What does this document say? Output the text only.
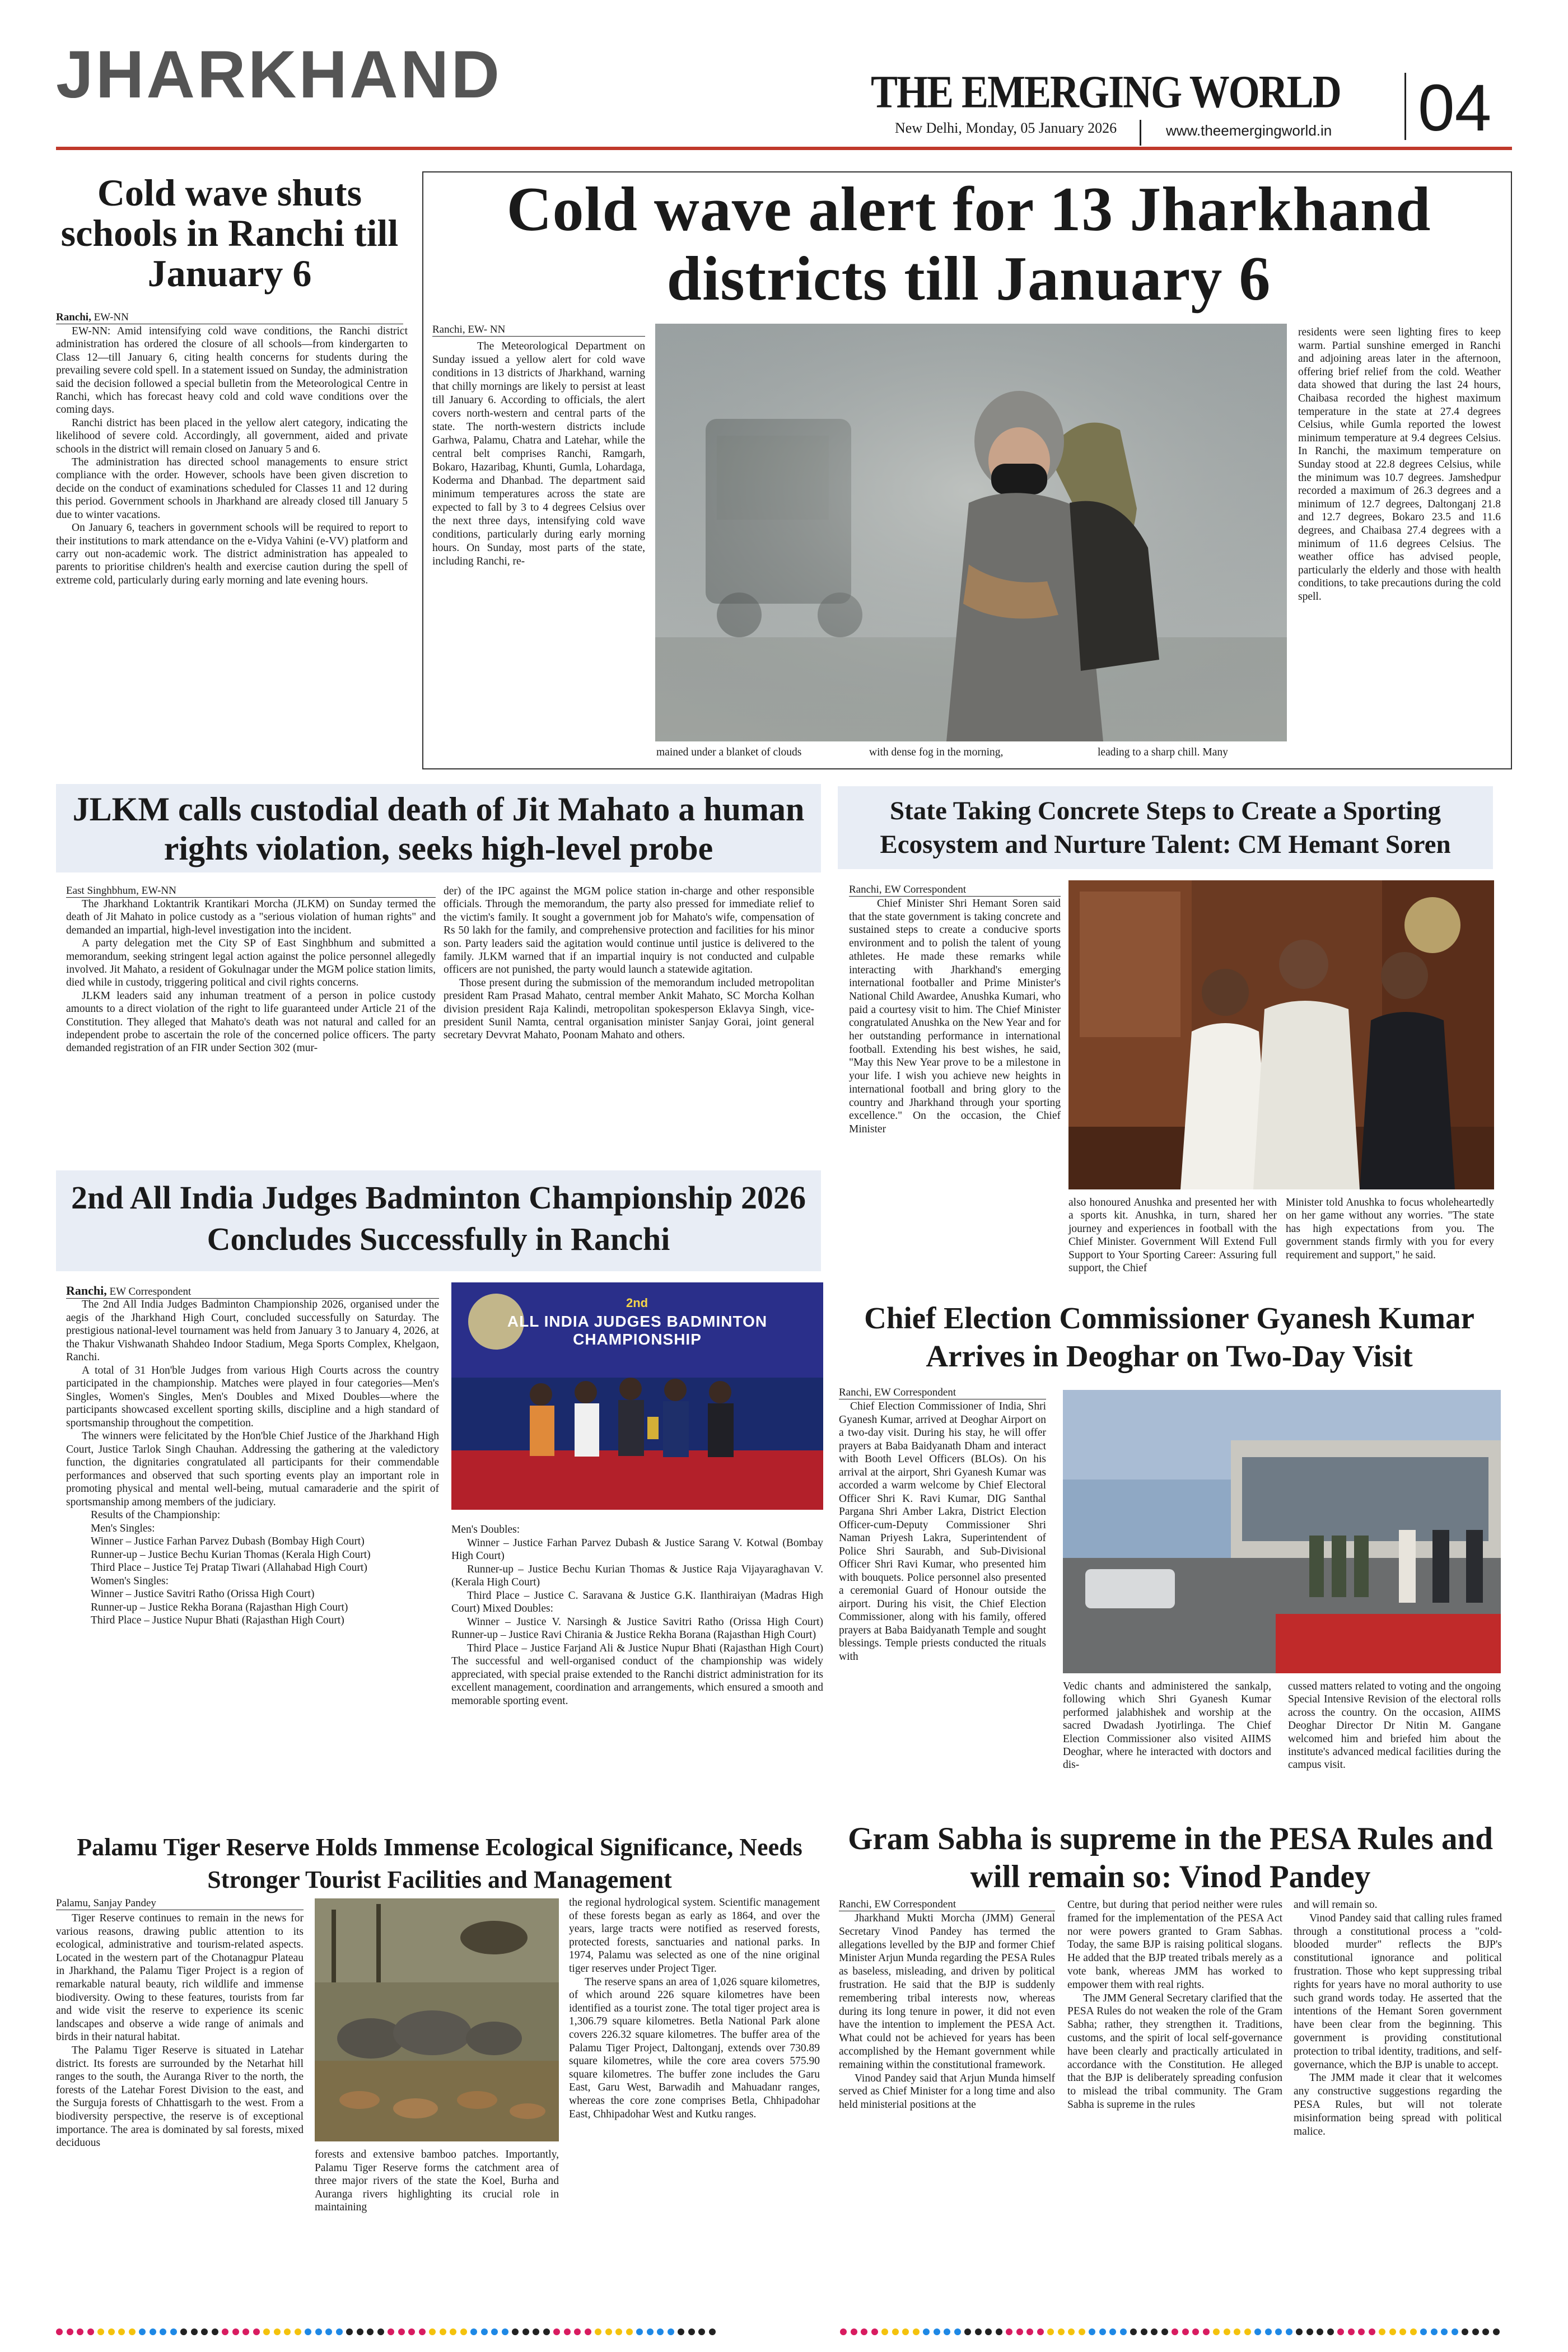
JHARKHAND	THE EMERGING WORLD
New Delhi, Monday, 05 January 2026	www.theemergingworld.in 04
Cold wave shuts schools in Ranchi till January 6
Ranchi, EW-NN

EW-NN: Amid intensifying cold wave conditions, the Ranchi district administration has ordered the closure of all schools—from kindergarten to Class 12—till January 6, citing health concerns for students during the prevailing severe cold spell. In a statement issued on Sunday, the administration said the decision followed a special bulletin from the Meteorological Centre in Ranchi, which has forecast heavy cold and cold wave conditions over the coming days.

Ranchi district has been placed in the yellow alert category, indicating the likelihood of severe cold. Accordingly, all government, aided and private schools in the district will remain closed on January 5 and 6.

The administration has directed school managements to ensure strict compliance with the order. However, schools have been given discretion to decide on the conduct of examinations scheduled for Classes 11 and 12 during this period. Government schools in Jharkhand are already closed till January 5 due to winter vacations.

On January 6, teachers in government schools will be required to report to their institutions to mark attendance on the e-Vidya Vahini (e-VV) platform and carry out non-academic work. The district administration has appealed to parents to prioritise children's health and exercise caution during the spell of extreme cold, particularly during early morning and late evening hours.

Cold wave alert for 13 Jharkhand districts till January 6
Ranchi, EW- NN
The Meteorological Department on Sunday issued a yellow alert for cold wave conditions in 13 districts of Jharkhand, warning that chilly mornings are likely to persist at least till January 6. According to officials, the alert covers north-western and central parts of the state. The north-western districts include Garhwa, Palamu, Chatra and Latehar, while the central belt comprises Ranchi, Ramgarh, Bokaro, Hazaribag, Khunti, Gumla, Lohardaga, Koderma and Dhanbad. The department said minimum temperatures across the state are expected to fall by 3 to 4 degrees Celsius over the next three days, intensifying cold wave conditions, particularly during early morning hours. On Sunday, most parts of the state, including Ranchi, re-
mained under a blanket of clouds	with dense fog in the morning,	leading to a sharp chill. Many
residents were seen lighting fires to keep warm. Partial sunshine emerged in Ranchi and adjoining areas later in the afternoon, offering brief relief from the cold. Weather data showed that during the last 24 hours, Chaibasa recorded the highest maximum temperature in the state at 27.4 degrees Celsius, while Gumla reported the lowest minimum temperature at 9.4 degrees Celsius. In Ranchi, the maximum temperature on Sunday stood at 22.8 degrees Celsius, while the minimum was 10.7 degrees. Jamshedpur recorded a maximum of 26.3 degrees and a minimum of 12.7 degrees, Daltonganj 21.8 and 12.7 degrees, Bokaro 23.5 and 11.6 degrees, and Chaibasa 27.4 degrees with a minimum of 11.6 degrees Celsius. The weather office has advised people, particularly the elderly and those with health conditions, to take precautions during the cold spell.
JLKM calls custodial death of Jit Mahato a human rights violation, seeks high-level probe
East Singhbhum, EW-NN

The Jharkhand Loktantrik Krantikari Morcha (JLKM) on Sunday termed the death of Jit Mahato in police custody as a "serious violation of human rights" and demanded an impartial, high-level investigation into the incident.

A party delegation met the City SP of East Singhbhum and submitted a memorandum, seeking stringent legal action against the police personnel allegedly involved. Jit Mahato, a resident of Gokulnagar under the MGM police station limits, died while in custody, triggering political and civil rights concerns.

JLKM leaders said any inhuman treatment of a person in police custody amounts to a direct violation of the right to life guaranteed under Article 21 of the Constitution. They alleged that Mahato's death was not natural and called for an independent probe to ascertain the role of the concerned police officers. The party demanded registration of an FIR under Section 302 (mur-

der) of the IPC against the MGM police station in-charge and other responsible officials. Through the memorandum, the party also pressed for immediate relief to the victim's family. It sought a government job for Mahato's wife, compensation of Rs 50 lakh for the family, and comprehensive protection and facilities for his minor son. Party leaders said the agitation would continue until justice is delivered to the family. JLKM warned that if an impartial inquiry is not conducted and culpable officers are not punished, the party would launch a statewide agitation.

Those present during the submission of the memorandum included metropolitan president Ram Prasad Mahato, central member Ankit Mahato, SC Morcha Kolhan division president Raja Kalindi, metropolitan spokesperson Eklavya Singh, vice-president Sunil Namta, central organisation minister Sanjay Gorai, joint general secretary Devvrat Mahato, Poonam Mahato and others.

State Taking Concrete Steps to Create a Sporting Ecosystem and Nurture Talent: CM Hemant Soren
Ranchi, EW Correspondent
Chief Minister Shri Hemant Soren said that the state government is taking concrete and sustained steps to create a conducive sports environment and to polish the talent of young athletes. He made these remarks while interacting with Jharkhand's emerging international footballer and Prime Minister's National Child Awardee, Anushka Kumari, who paid a courtesy visit to him. The Chief Minister congratulated Anushka on the New Year and for her outstanding performance in international football. Extending his best wishes, he said, "May this New Year prove to be a milestone in your life. I wish you achieve new heights in international football and bring glory to the country and Jharkhand through your sporting excellence." On the occasion, the Chief Minister
also honoured Anushka and presented her with a sports kit. Anushka, in turn, shared her journey and experiences in football with the Chief Minister. Government Will Extend Full Support to Your Sporting Career: Assuring full support, the Chief
Minister told Anushka to focus wholeheartedly on her game without any worries. "The state has high expectations from you. The government stands firmly with you for every requirement and support," he said.
2nd All India Judges Badminton Championship 2026 Concludes Successfully in Ranchi
Ranchi, EW Correspondent

The 2nd All India Judges Badminton Championship 2026, organised under the aegis of the Jharkhand High Court, concluded successfully on Saturday. The prestigious national-level tournament was held from January 3 to January 4, 2026, at the Thakur Vishwanath Shahdeo Indoor Stadium, Mega Sports Complex, Khelgaon, Ranchi.

A total of 31 Hon'ble Judges from various High Courts across the country participated in the championship. Matches were played in four categories—Men's Singles, Women's Singles, Men's Doubles and Mixed Doubles—where the participants showcased excellent sporting skills, discipline and a high standard of sportsmanship throughout the competition.

The winners were felicitated by the Hon'ble Chief Justice of the Jharkhand High Court, Justice Tarlok Singh Chauhan. Addressing the gathering at the valedictory function, the dignitaries congratulated all participants for their commendable performances and observed that such sporting events play an important role in promoting physical and mental well-being, mutual camaraderie and the spirit of sportsmanship among members of the judiciary.

Results of the Championship:

Men's Singles:

Winner – Justice Farhan Parvez Dubash (Bombay High Court)

Runner-up – Justice Bechu Kurian Thomas (Kerala High Court)

Third Place – Justice Tej Pratap Tiwari (Allahabad High Court)

Women's Singles:

Winner – Justice Savitri Ratho (Orissa High Court)

Runner-up – Justice Rekha Borana (Rajasthan High Court)

Third Place – Justice Nupur Bhati (Rajasthan High Court)

2nd
ALL INDIA JUDGES BADMINTON CHAMPIONSHIP

Men's Doubles:

Winner – Justice Farhan Parvez Dubash & Justice Sarang V. Kotwal (Bombay High Court)

Runner-up – Justice Bechu Kurian Thomas & Justice Raja Vijayaraghavan V. (Kerala High Court)

Third Place – Justice C. Saravana & Justice G.K. Ilanthiraiyan (Madras High Court) Mixed Doubles:

Winner – Justice V. Narsingh & Justice Savitri Ratho (Orissa High Court) Runner-up – Justice Ravi Chirania & Justice Rekha Borana (Rajasthan High Court)

Third Place – Justice Farjand Ali & Justice Nupur Bhati (Rajasthan High Court) The successful and well-organised conduct of the championship was widely appreciated, with special praise extended to the Ranchi district administration for its excellent management, coordination and arrangements, which ensured a smooth and memorable sporting event.

Chief Election Commissioner Gyanesh Kumar Arrives in Deoghar on Two-Day Visit
Ranchi, EW Correspondent
Chief Election Commissioner of India, Shri Gyanesh Kumar, arrived at Deoghar Airport on a two-day visit. During his stay, he will offer prayers at Baba Baidyanath Dham and interact with Booth Level Officers (BLOs). On his arrival at the airport, Shri Gyanesh Kumar was accorded a warm welcome by Chief Electoral Officer Shri K. Ravi Kumar, DIG Santhal Pargana Shri Amber Lakra, District Election Officer-cum-Deputy Commissioner Shri Naman Priyesh Lakra, Superintendent of Police Shri Saurabh, and Sub-Divisional Officer Shri Ravi Kumar, who presented him with bouquets. Police personnel also presented a ceremonial Guard of Honour outside the airport. During his visit, the Chief Election Commissioner, along with his family, offered prayers at Baba Baidyanath Temple and sought blessings. Temple priests conducted the rituals with
Vedic chants and administered the sankalp, following which Shri Gyanesh Kumar performed jalabhishek and worship at the sacred Dwadash Jyotirlinga. The Chief Election Commissioner also visited AIIMS Deoghar, where he interacted with doctors and dis-
cussed matters related to voting and the ongoing Special Intensive Revision of the electoral rolls across the country. On the occasion, AIIMS Deoghar Director Dr Nitin M. Gangane welcomed him and briefed him about the institute's advanced medical facilities during the campus visit.
Palamu Tiger Reserve Holds Immense Ecological Significance, Needs Stronger Tourist Facilities and Management
Palamu, Sanjay Pandey

Tiger Reserve continues to remain in the news for various reasons, drawing public attention to its ecological, administrative and tourism-related aspects. Located in the western part of the Chotanagpur Plateau in Jharkhand, the Palamu Tiger Project is a region of remarkable natural beauty, rich wildlife and immense biodiversity. Owing to these features, tourists from far and wide visit the reserve to experience its scenic landscapes and observe a wide range of animals and birds in their natural habitat.

The Palamu Tiger Reserve is situated in Latehar district. Its forests are surrounded by the Netarhat hill ranges to the south, the Auranga River to the north, the forests of the Latehar Forest Division to the east, and the Surguja forests of Chhattisgarh to the west. From a biodiversity perspective, the reserve is of exceptional importance. The area is dominated by sal forests, mixed deciduous

forests and extensive bamboo patches. Importantly, Palamu Tiger Reserve forms the catchment area of three major rivers of the state the Koel, Burha and Auranga rivers highlighting its crucial role in maintaining

the regional hydrological system. Scientific management of these forests began as early as 1864, and over the years, large tracts were notified as reserved forests, protected forests, sanctuaries and national parks. In 1974, Palamu was selected as one of the nine original tiger reserves under Project Tiger.

The reserve spans an area of 1,026 square kilometres, of which around 226 square kilometres have been identified as a tourist zone. The total tiger project area is 1,306.79 square kilometres. Betla National Park alone covers 226.32 square kilometres. The buffer area of the Palamu Tiger Project, Daltonganj, extends over 730.89 square kilometres, while the core area covers 575.90 square kilometres. The buffer zone includes the Garu East, Garu West, Barwadih and Mahuadanr ranges, whereas the core zone comprises Betla, Chhipadohar East, Chhipadohar West and Kutku ranges.

Gram Sabha is supreme in the PESA Rules and will remain so: Vinod Pandey
Ranchi, EW Correspondent

Jharkhand Mukti Morcha (JMM) General Secretary Vinod Pandey has termed the allegations levelled by the BJP and former Chief Minister Arjun Munda regarding the PESA Rules as baseless, misleading, and driven by political frustration. He said that the BJP is suddenly remembering tribal interests now, whereas during its long tenure in power, it did not even have the intention to implement the PESA Act. What could not be achieved for years has been accomplished by the Hemant government while remaining within the constitutional framework.

Vinod Pandey said that Arjun Munda himself served as Chief Minister for a long time and also held ministerial positions at the

Centre, but during that period neither were rules framed for the implementation of the PESA Act nor were powers granted to Gram Sabhas. Today, the same BJP is raising political slogans. He added that the BJP treated tribals merely as a vote bank, whereas JMM has worked to empower them with real rights.

The JMM General Secretary clarified that the PESA Rules do not weaken the role of the Gram Sabha; rather, they strengthen it. Traditions, customs, and the spirit of local self-governance have been clearly and practically articulated in accordance with the Constitution. He alleged that the BJP is deliberately spreading confusion to mislead the tribal community. The Gram Sabha is supreme in the rules

and will remain so.

Vinod Pandey said that calling rules framed through a constitutional process a "cold-blooded murder" reflects the BJP's constitutional ignorance and political frustration. Those who kept suppressing tribal rights for years have no moral authority to use such grand words today. He asserted that the intentions of the Hemant Soren government have been clear from the beginning. This government is providing constitutional protection to tribal identity, traditions, and self-governance, which the BJP is unable to accept.

The JMM made it clear that it welcomes any constructive suggestions regarding the PESA Rules, but will not tolerate misinformation being spread with political malice.
